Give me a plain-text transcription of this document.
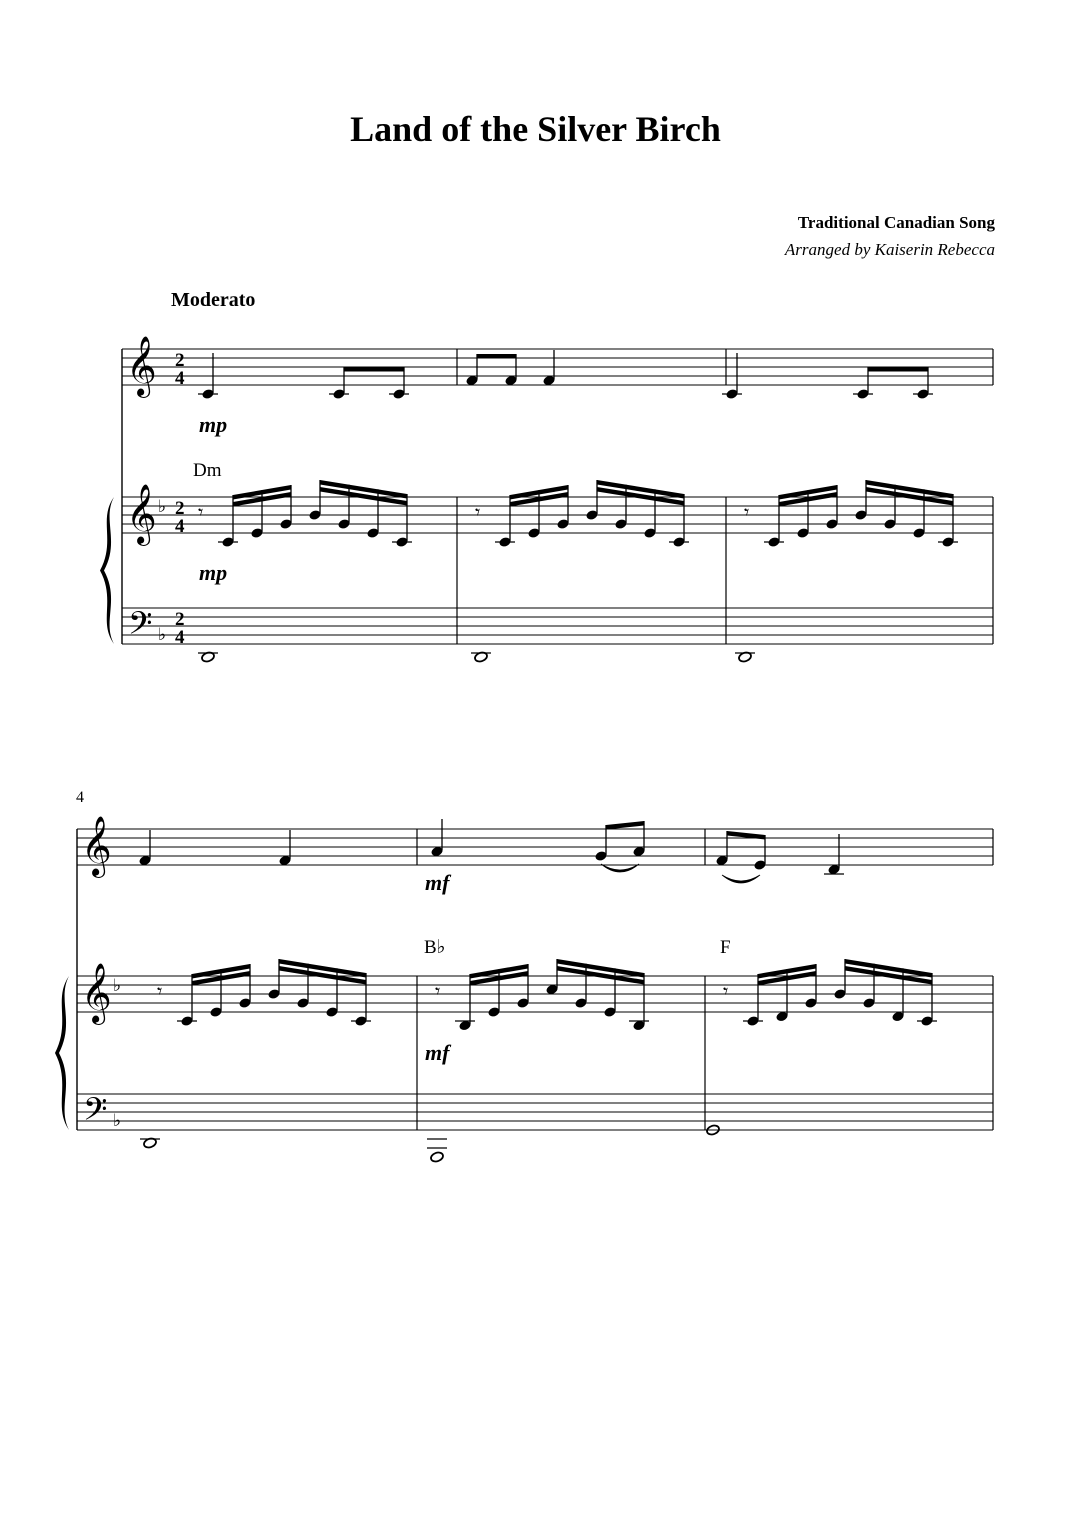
Land of the Silver Birch
Traditional Canadian Song
Arranged by Kaiserin Rebecca
Moderato
𝄞
𝄞
𝄢
♭
♭
2
4
2
4
2
4
mp
Dm
mp
𝄾	𝄾	𝄾
𝄞
𝄞
𝄢
♭
♭
4
mf
B♭	F
mf
𝄾	𝄾	𝄾
